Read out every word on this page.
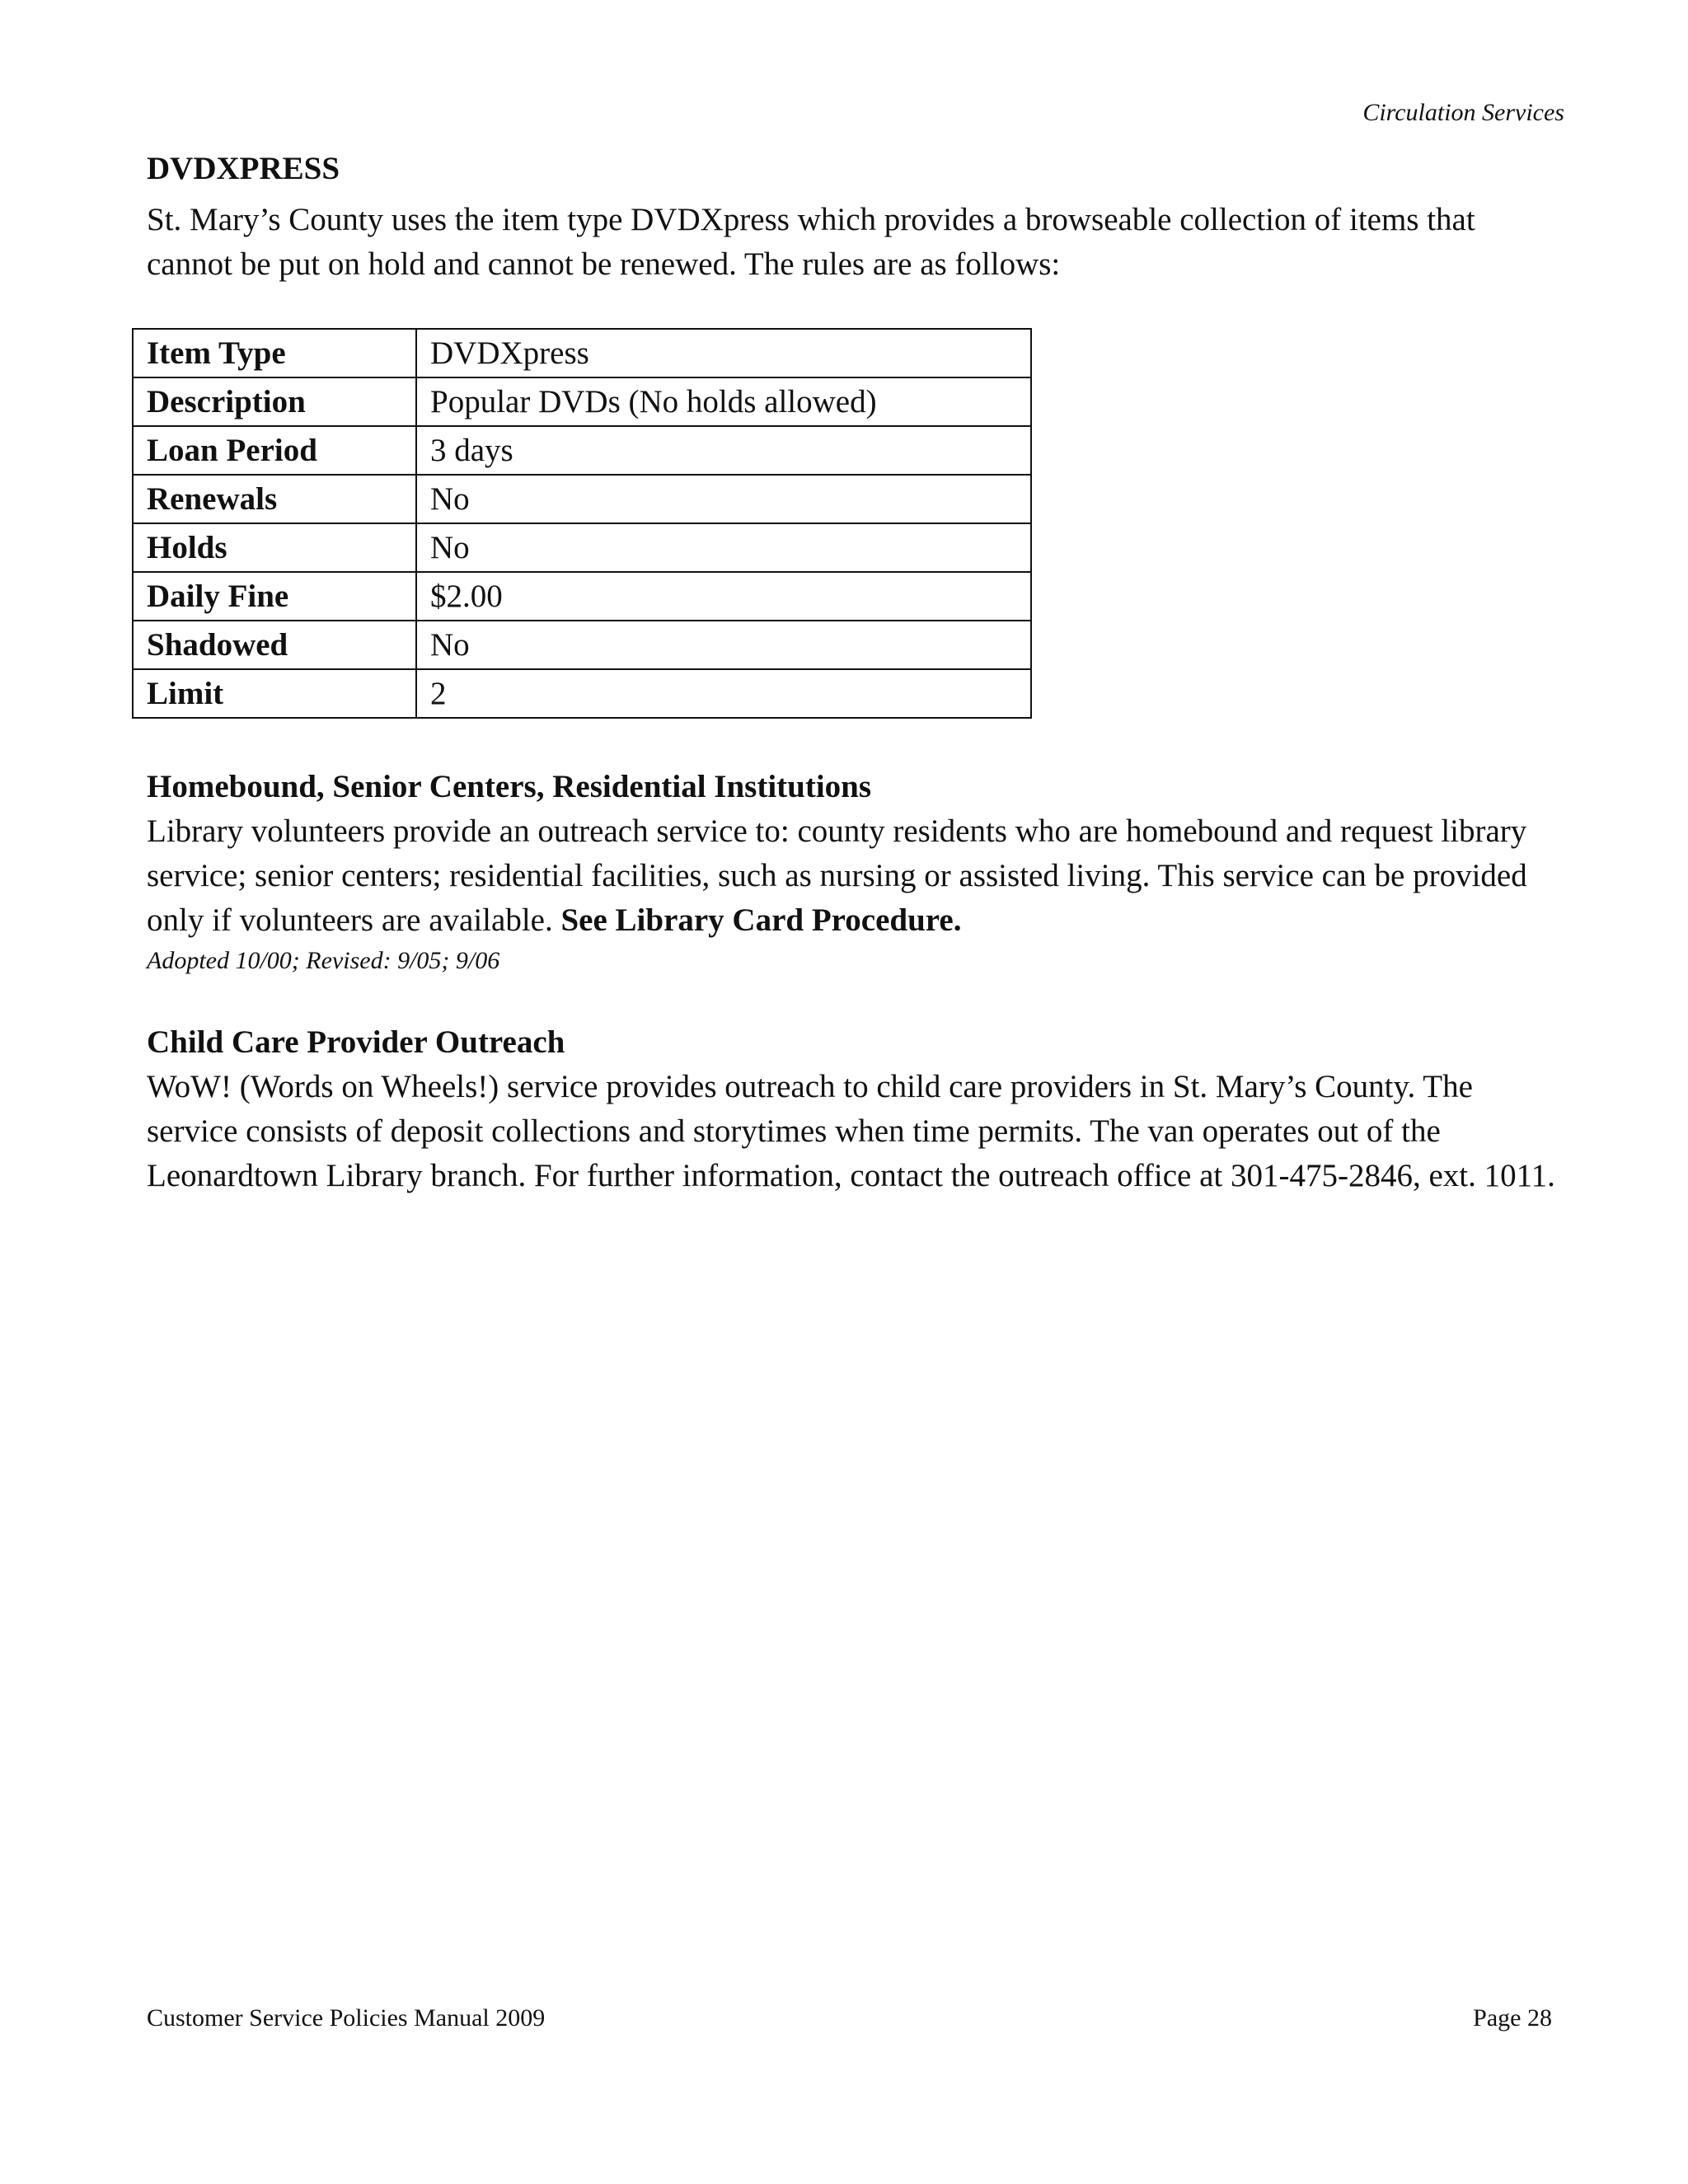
Circulation Services
DVDXPRESS

St. Mary’s County uses the item type DVDXpress which provides a browseable collection of items that cannot be put on hold and cannot be renewed. The rules are as follows:

Item Type	DVDXpress
Description	Popular DVDs (No holds allowed)
Loan Period	3 days
Renewals	No
Holds	No
Daily Fine	$2.00
Shadowed	No
Limit	2
Homebound, Senior Centers, Residential Institutions

Library volunteers provide an outreach service to: county residents who are homebound and request library service; senior centers; residential facilities, such as nursing or assisted living. This service can be provided only if volunteers are available. See Library Card Procedure.

Adopted 10/00; Revised: 9/05; 9/06

Child Care Provider Outreach

WoW! (Words on Wheels!) service provides outreach to child care providers in St. Mary’s County. The service consists of deposit collections and storytimes when time permits. The van operates out of the Leonardtown Library branch. For further information, contact the outreach office at 301-475-2846, ext. 1011.

Customer Service Policies Manual 2009	Page 28
